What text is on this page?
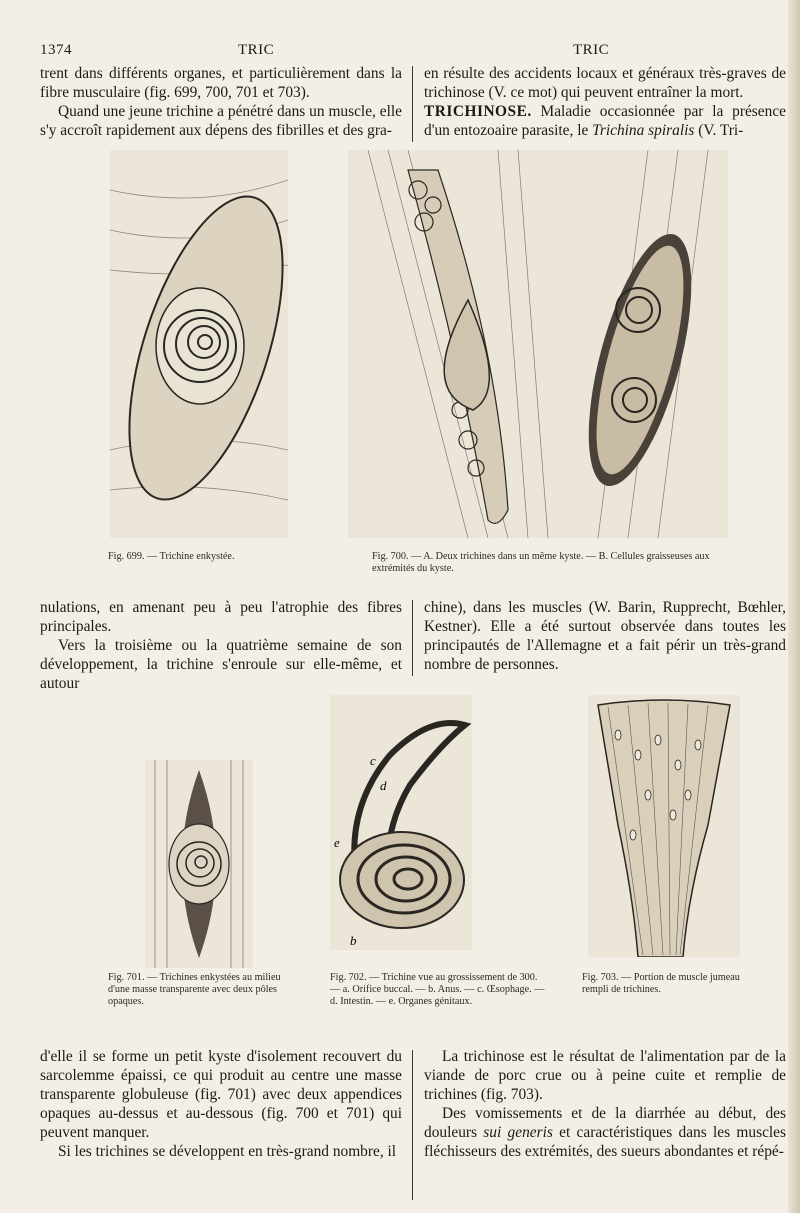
1374	TRIC	TRIC

trent dans différents organes, et particulièrement dans la fibre musculaire (fig. 699, 700, 701 et 703).

Quand une jeune trichine a pénétré dans un muscle, elle s'y accroît rapidement aux dépens des fibrilles et des gra-

en résulte des accidents locaux et généraux très-graves de trichinose (V. ce mot) qui peuvent entraîner la mort.

TRICHINOSE. Maladie occasionnée par la présence d'un entozoaire parasite, le Trichina spiralis (V. Tri-

Fig. 699. — Trichine enkystée.	Fig. 700. — A. Deux trichines dans un même kyste. — B. Cellules graisseuses aux extrémités du kyste.

nulations, en amenant peu à peu l'atrophie des fibres principales.

Vers la troisième ou la quatrième semaine de son développement, la trichine s'enroule sur elle-même, et autour

chine), dans les muscles (W. Barin, Rupprecht, Bœhler, Kestner). Elle a été surtout observée dans toutes les principautés de l'Allemagne et a fait périr un très-grand nombre de personnes.

c
d
e
b
Fig. 701. — Trichines enkystées au milieu d'une masse transparente avec deux pôles opaques.
Fig. 702. — Trichine vue au grossissement de 300. — a. Orifice buccal. — b. Anus. — c. Œsophage. — d. Intestin. — e. Organes génitaux.
Fig. 703. — Portion de muscle jumeau rempli de trichines.

d'elle il se forme un petit kyste d'isolement recouvert du sarcolemme épaissi, ce qui produit au centre une masse transparente globuleuse (fig. 701) avec deux appendices opaques au-dessus et au-dessous (fig. 700 et 701) qui peuvent manquer.

Si les trichines se développent en très-grand nombre, il

La trichinose est le résultat de l'alimentation par de la viande de porc crue ou à peine cuite et remplie de trichines (fig. 703).

Des vomissements et de la diarrhée au début, des douleurs sui generis et caractéristiques dans les muscles fléchisseurs des extrémités, des sueurs abondantes et répé-
